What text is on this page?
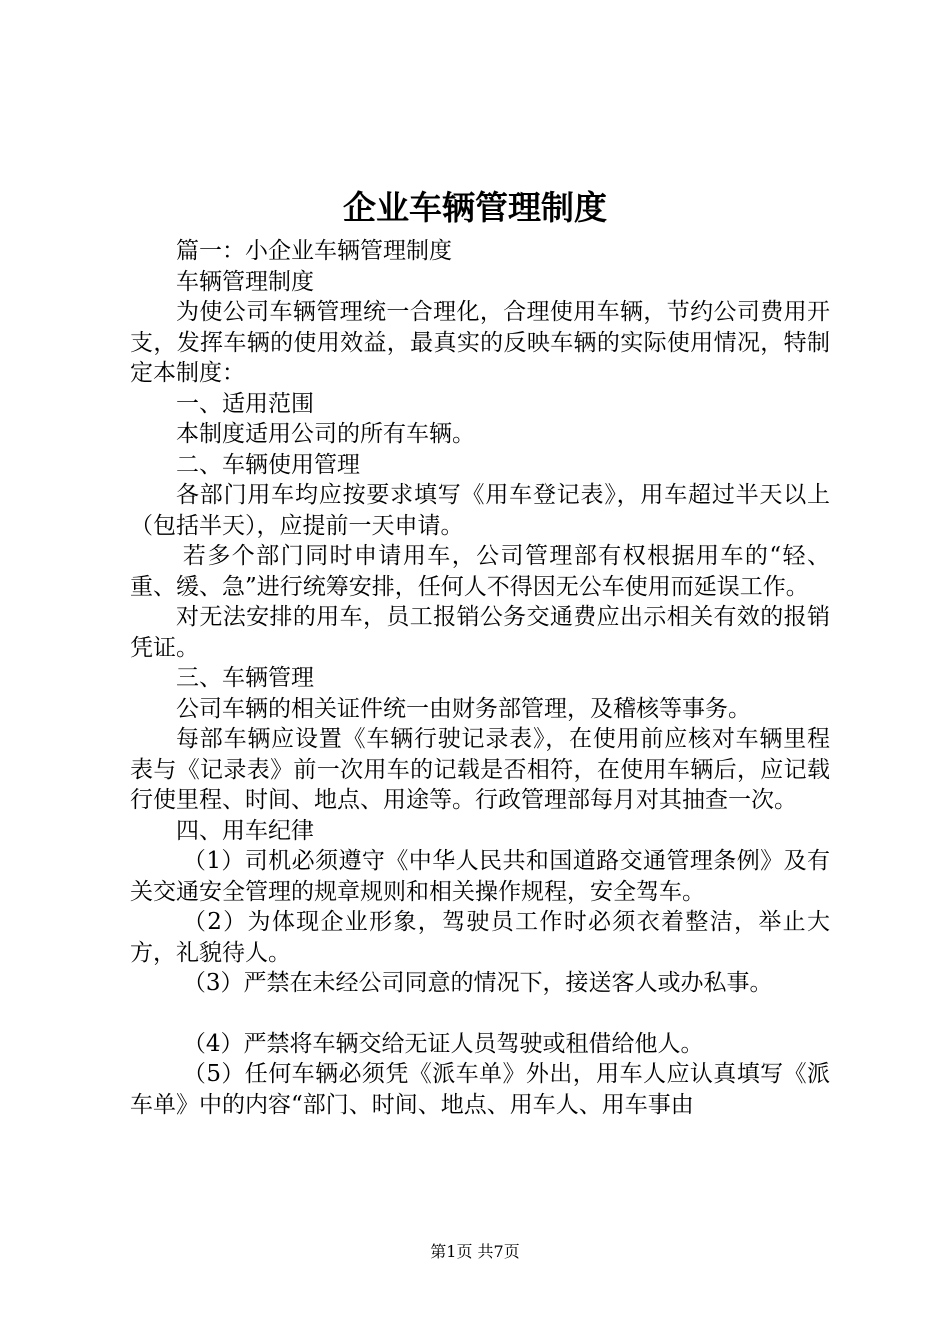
企业车辆管理制度

篇一：小企业车辆管理制度

车辆管理制度

为使公司车辆管理统一合理化，合理使用车辆，节约公司费用开支，发挥车辆的使用效益，最真实的反映车辆的实际使用情况，特制定本制度：

一、适用范围

本制度适用公司的所有车辆。

二、车辆使用管理

各部门用车均应按要求填写《用车登记表》，用车超过半天以上（包括半天），应提前一天申请。

若多个部门同时申请用车，公司管理部有权根据用车的“轻、重、缓、急”进行统筹安排，任何人不得因无公车使用而延误工作。

对无法安排的用车，员工报销公务交通费应出示相关有效的报销凭证。

三、车辆管理

公司车辆的相关证件统一由财务部管理，及稽核等事务。

每部车辆应设置《车辆行驶记录表》，在使用前应核对车辆里程表与《记录表》前一次用车的记载是否相符，在使用车辆后，应记载行使里程、时间、地点、用途等。行政管理部每月对其抽查一次。

四、用车纪律

（1）司机必须遵守《中华人民共和国道路交通管理条例》及有关交通安全管理的规章规则和相关操作规程，安全驾车。

（2）为体现企业形象，驾驶员工作时必须衣着整洁，举止大方，礼貌待人。

（3）严禁在未经公司同意的情况下，接送客人或办私事。

（4）严禁将车辆交给无证人员驾驶或租借给他人。

（5）任何车辆必须凭《派车单》外出，用车人应认真填写《派车单》中的内容“部门、时间、地点、用车人、用车事由

第1页 共7页
